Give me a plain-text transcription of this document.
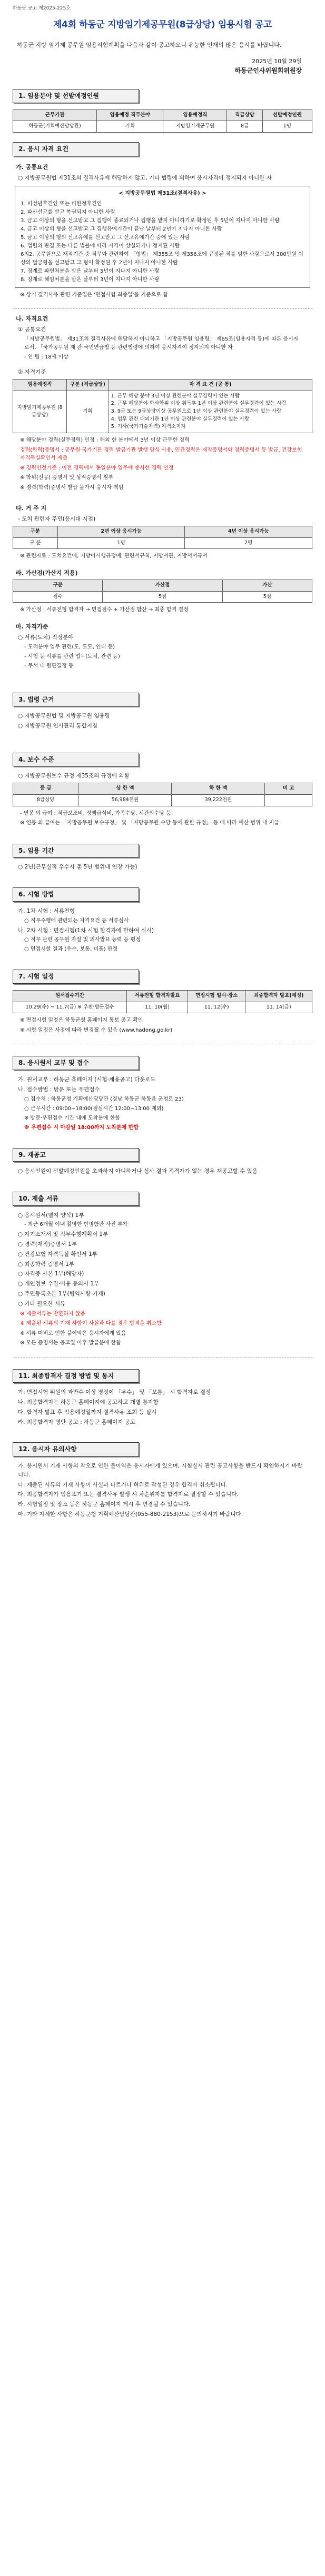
하동군 공고 제2025-225호
제4회 하동군 지방임기제공무원(8급상당) 임용시험 공고
하동군 지방 임기제 공무원 임용시험계획을 다음과 같이 공고하오니 유능한 인재의 많은 응시를 바랍니다.
2025년 10월 29일
하동군인사위원회위원장
1. 임용분야 및 선발예정인원
근무기관	임용예정 직무분야	임용예정직	직급상당	선발예정인원
하동군(기획예산담당관)	기획	지방임기제공무원	8급	1명
2. 응시 자격 요건
가. 공통요건
○ 지방공무원법 제31조의 결격사유에 해당하지 않고, 기타 법령에 의하여 응시자격이 정지되지 아니한 자
< 지방공무원법 제31조(결격사유) >
1. 피성년후견인 또는 피한정후견인
2. 파산선고를 받고 복권되지 아니한 사람
3. 금고 이상의 형을 선고받고 그 집행이 종료되거나 집행을 받지 아니하기로 확정된 후 5년이 지나지 아니한 사람
4. 금고 이상의 형을 선고받고 그 집행유예기간이 끝난 날부터 2년이 지나지 아니한 사람
5. 금고 이상의 형의 선고유예를 선고받고 그 선고유예기간 중에 있는 사람
6. 법원의 판결 또는 다른 법률에 따라 자격이 상실되거나 정지된 사람
6의2. 공무원으로 재직기간 중 직무와 관련하여 「형법」 제355조 및 제356조에 규정된 죄를 범한 사람으로서 300만원 이상의 벌금형을 선고받고 그 형이 확정된 후 2년이 지나지 아니한 사람
7. 징계로 파면처분을 받은 날부터 5년이 지나지 아니한 사람
8. 징계로 해임처분을 받은 날부터 3년이 지나지 아니한 사람
※ 상기 결격사유 관련 기준일은 '면접시험 최종일'을 기준으로 함
나. 자격요건
① 공통요건
「지방공무원법」 제31조의 결격사유에 해당하지 아니하고 「지방공무원 임용령」 제65조(임용자격 등)에 따른 응시자로서, 「국가공무원 제 관 국민연금법 등 관련법령에 의하여 응시자격이 정지되지 아니한 자
- 연 령 : 18세 이상
② 자격기준
임용예정직	구분 (직급상당)	자 격 요 건 (공 통)
지방임기제공무원 (8급상당)	기획	1. 근무 해당 분야 3년 이상 관련분야 실무경력이 있는 사람
2. 근무 해당분야 학사학위 이상 취득후 1년 이상 관련분야 실무경력이 있는 사람
3. 9급 또는 9급상당이상 공무원으로 1년 이상 관련분야 실무경력이 있는 사람
4. 업무 관련 대외기관 1년 이상 관련분야 실무경력이 있는 사람
5. 기사(국가기술자격) 자격소지자
※ 해당분야 경력(실무경력) 인정 : 해외 한 분야에서 3년 이상 근무한 경력
경력(학력)증명서 : 공무원·국가기관 경력 발급기관 발행 양식 사용, 민간경력은 재직증명서와 경력증명서 등 발급, 건강보험자격득실확인서 제출
※ 경력인정기준 : 이전 경력에서 동일분야 업무에 종사한 경력 인정
※ 학위(전공) 증명서 및 성적증명서 첨부
※ 경력(학력)증명서 발급 불가시 응시자 책임
다. 거 주 지
- 도치 관련자 주민(응시대 시점)
구분	2년 이상 응시가능	4년 이상 응시가능
구 분	1명	2명
※ 관련자료 : 도치요건에, 지방이시행규정에, 관련서규칙, 지방서관, 지방서서규서
라. 가산점(가산지 적용)
구분	가산점	가산
점수	5점	5점
※ 가산점 : 서류전형 합격자 → 면접점수 + 가산점 합산 → 최종 합격 결정
마. 자격기준
○ 서류(도치) 적정분야
- 도적분야 업무 관련(도, 도도, 인터 등)
- 시험 등 서류를 관련 업무(도치, 관련 등)
- 무서 내 원판결정 등
3. 법령 근거
○ 지방공무원법 및 지방공무원 임용령
○ 지방공무원 인사관리 통합지침
4. 보수 수준
○ 지방공무원보수 규정 제35조의 규정에 의함
등 급	상 한 액	하 한 액	비 고
8급상당	56,984천원	39,222천원	
- 연봉 외 급여 : 직급보조비, 정액급식비, 가족수당, 시간외수당 등
※ 연봉 외 급여는 「지방공무원 보수규정」 및 「지방공무원 수당 등에 관한 규정」 등 에 따라 예산 범위 내 지급
5. 임용 기간
○ 2년(근무실적 우수시 총 5년 범위내 연장 가능)
6. 시험 방법
가. 1차 시험 : 서류전형
○ 직무수행에 관련되는 자격요건 등 서류심사
나. 2차 시험 : 면접시험(1차 시험 합격자에 한하여 실시)
○ 직무 관련 공무원 자질 및 의사발표 능력 등 평정
○ 면접시험 결과 (우수, 보통, 미흡) 판정
7. 시험 일정
원서접수기간	서류전형 합격자발표	면접시험 일시·장소	최종합격자 발표(예정)
10.29(수) ~ 11.7(금) ※ 우편·방문접수	11. 10(월)	11. 12(수)	11. 14(금)
※ 면접시험 일정은 하동군청 홈페이지 통보 공고 확인
※ 시험 일정은 사정에 따라 변경될 수 있음 (www.hadong.go.kr)
8. 응시원서 교부 및 접수
가. 원서교부 : 하동군 홈페이지 (시험·채용공고) 다운로드
나. 접수방법 : 방문 또는 우편접수
○ 접수처 : 하동군청 기획예산담당관 (경남 하동군 하동읍 군청로 23)
○ 근무시간 : 09:00~18:00(점심시간 12:00~13:00 제외)
※ 방문·우편접수 기간 내에 도착분에 한함
※ 우편접수 시 마감일 18:00까지 도착분에 한함
9. 재공고
○ 응시인원이 선발예정인원을 초과하지 아니하거나 심사 결과 적격자가 없는 경우 재공고할 수 있음
10. 제출 서류
○ 응시원서(별지 양식) 1부
- 최근 6개월 이내 촬영한 반명함판 사진 부착
○ 자기소개서 및 직무수행계획서 1부
○ 경력(재직)증명서 1부
○ 건강보험 자격득실 확인서 1부
○ 최종학력 증명서 1부
○ 자격증 사본 1부(해당자)
○ 개인정보 수집·이용 동의서 1부
○ 주민등록초본 1부(병역사항 기재)
○ 기타 필요한 서류
※ 제출서류는 반환하지 않음
※ 제출된 서류의 기재 사항이 사실과 다를 경우 합격을 취소함
※ 서류 미비로 인한 불이익은 응시자에게 있음
※ 모든 증명서는 공고일 이후 발급분에 한함
11. 최종합격자 결정 방법 및 통지
가. 면접시험 위원의 과반수 이상 평정이 「우수」 및 「보통」 시 합격자로 결정
나. 최종합격자는 하동군 홈페이지에 공고하고 개별 통지함
다. 합격자 발표 후 임용예정일까지 결격사유 조회 등 실시
라. 최종합격자 명단 공고 : 하동군 홈페이지 공고
12. 응시자 유의사항
가. 응시원서 기재 사항의 착오로 인한 불이익은 응시자에게 있으며, 시험실시 관련 공고사항을 반드시 확인하시기 바랍니다.
나. 제출된 서류의 기재 사항이 사실과 다르거나 허위로 작성된 경우 합격이 취소됩니다.
다. 최종합격자가 임용포기 또는 결격사유 발생 시 차순위자를 합격자로 결정할 수 있습니다.
라. 시험일정 및 장소 등은 하동군 홈페이지 게시 후 변경될 수 있습니다.
마. 기타 자세한 사항은 하동군청 기획예산담당관(055-880-2153)으로 문의하시기 바랍니다.
